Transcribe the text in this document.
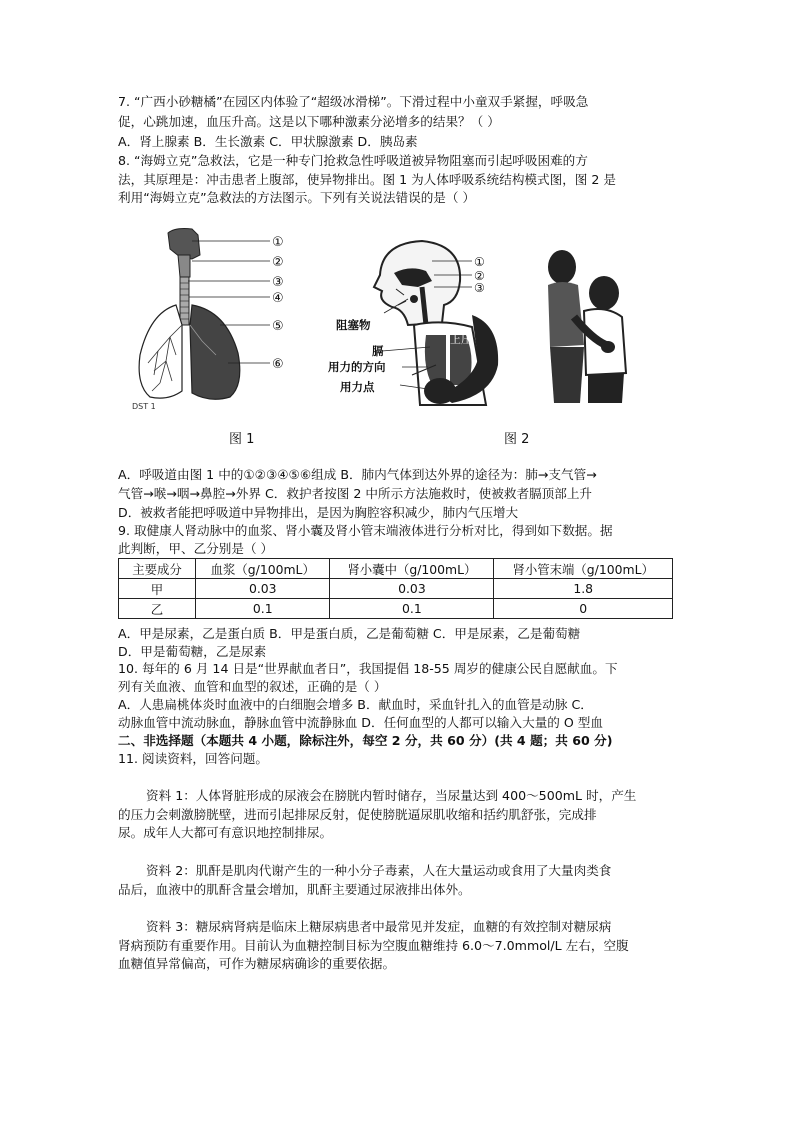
7. “广西小砂糖橘”在园区内体验了“超级冰滑梯”。下滑过程中小童双手紧握，呼吸急
促，心跳加速，血压升高。这是以下哪种激素分泌增多的结果？（ ）
A．肾上腺素 B．生长激素 C．甲状腺激素 D．胰岛素
8. “海姆立克”急救法，它是一种专门抢救急性呼吸道被异物阻塞而引起呼吸困难的方
法，其原理是：冲击患者上腹部，使异物排出。图 1 为人体呼吸系统结构模式图，图 2 是
利用“海姆立克”急救法的方法图示。下列有关说法错误的是（ ）
①
②
③
④
⑤
⑥
DST 1
图 1
上压
①
②
③
阻塞物
膈
用力的方向
用力点
图 2
A．呼吸道由图 1 中的①②③④⑤⑥组成 B．肺内气体到达外界的途径为：肺→支气管→
气管→喉→咽→鼻腔→外界 C．救护者按图 2 中所示方法施救时，使被救者膈顶部上升
D．被救者能把呼吸道中异物排出，是因为胸腔容积减少，肺内气压增大
9. 取健康人肾动脉中的血浆、肾小囊及肾小管末端液体进行分析对比，得到如下数据。据
此判断，甲、乙分别是（ ）
主要成分	血浆（g/100mL）	肾小囊中（g/100mL）	肾小管末端（g/100mL）
甲	0.03	0.03	1.8
乙	0.1	0.1	0
A．甲是尿素，乙是蛋白质 B．甲是蛋白质，乙是葡萄糖 C．甲是尿素，乙是葡萄糖
D．甲是葡萄糖，乙是尿素
10. 每年的 6 月 14 日是“世界献血者日”，我国提倡 18-55 周岁的健康公民自愿献血。下
列有关血液、血管和血型的叙述，正确的是（ ）
A．人患扁桃体炎时血液中的白细胞会增多 B．献血时，采血针扎入的血管是动脉 C．
动脉血管中流动脉血，静脉血管中流静脉血 D．任何血型的人都可以输入大量的 O 型血
二、非选择题（本题共 4 小题，除标注外，每空 2 分，共 60 分）(共 4 题；共 60 分)
11. 阅读资料，回答问题。
资料 1：人体肾脏形成的尿液会在膀胱内暂时储存，当尿量达到 400～500mL 时，产生
的压力会刺激膀胱壁，进而引起排尿反射，促使膀胱逼尿肌收缩和括约肌舒张，完成排
尿。成年人大都可有意识地控制排尿。
资料 2：肌酐是肌肉代谢产生的一种小分子毒素，人在大量运动或食用了大量肉类食
品后，血液中的肌酐含量会增加，肌酐主要通过尿液排出体外。
资料 3：糖尿病肾病是临床上糖尿病患者中最常见并发症，血糖的有效控制对糖尿病
肾病预防有重要作用。目前认为血糖控制目标为空腹血糖维持 6.0～7.0mmol/L 左右，空腹
血糖值异常偏高，可作为糖尿病确诊的重要依据。
